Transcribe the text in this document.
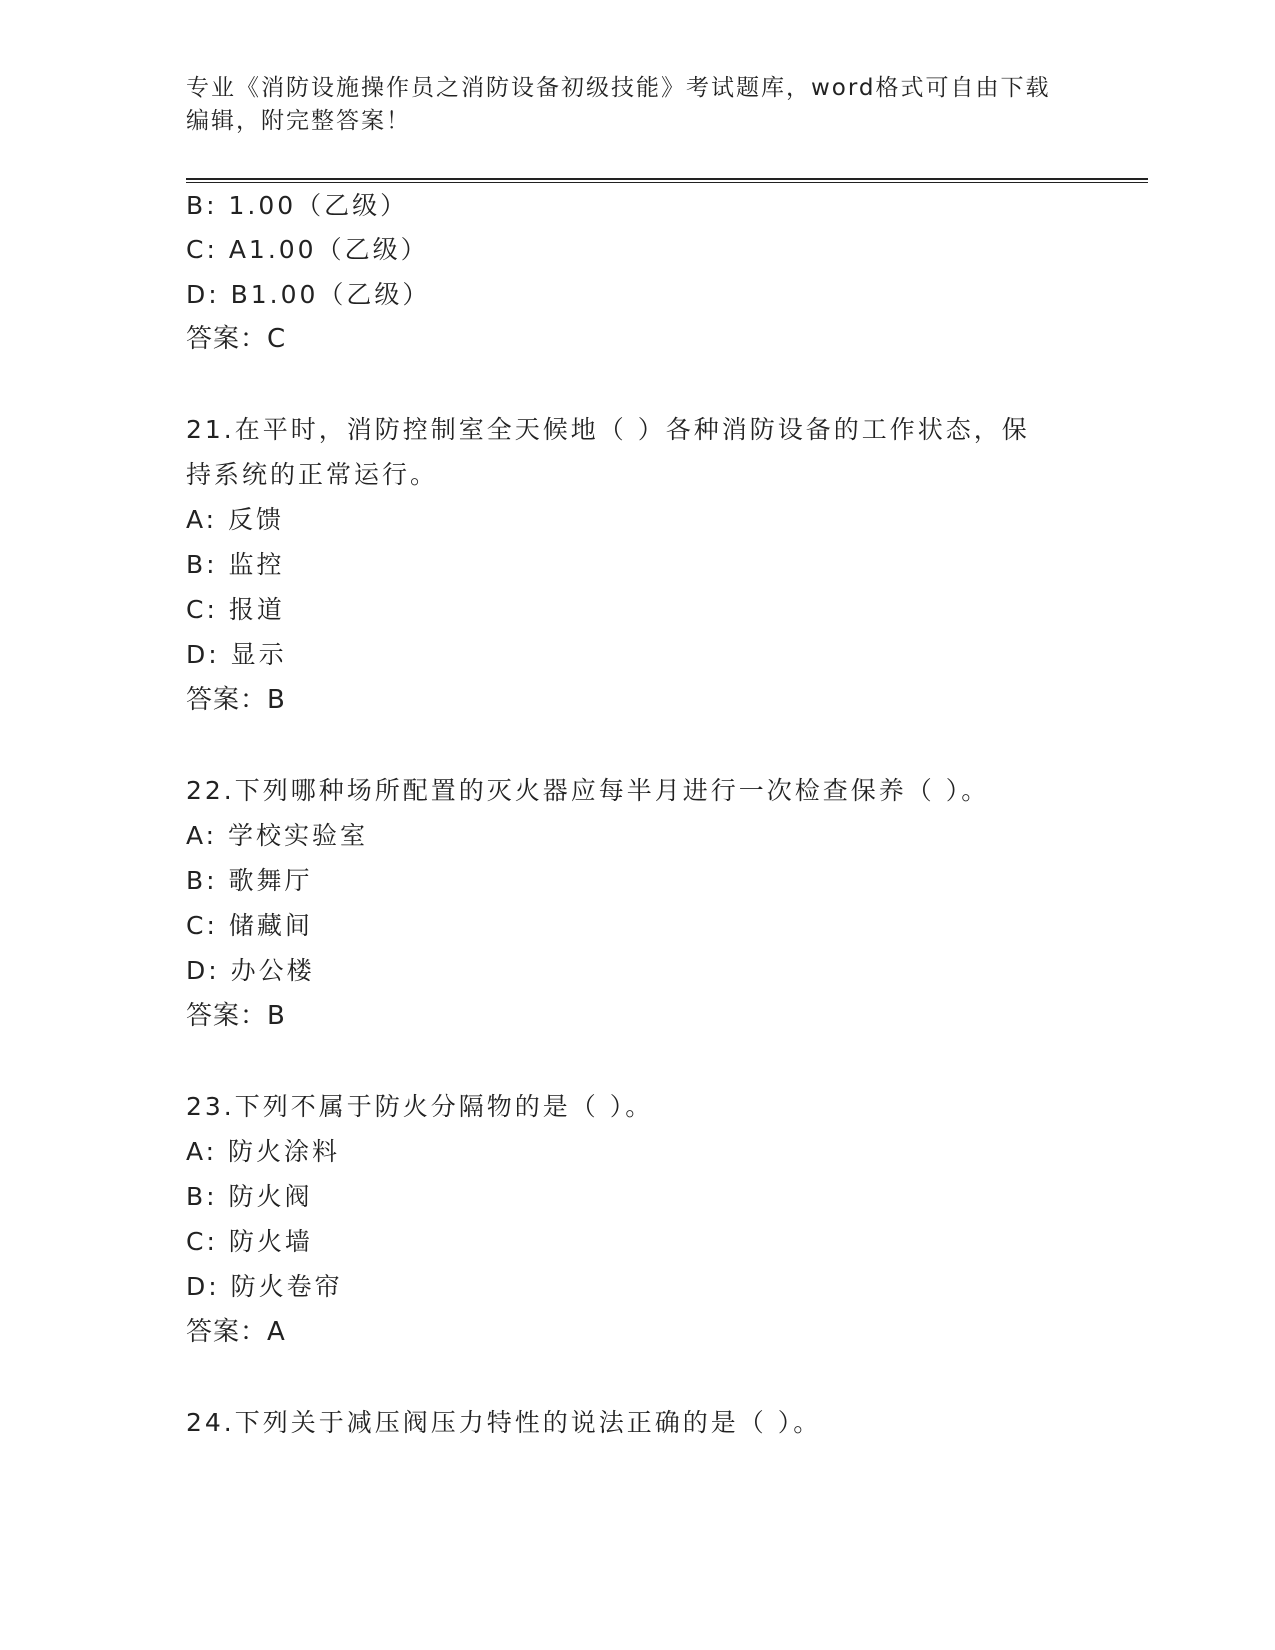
专业《消防设施操作员之消防设备初级技能》考试题库，word格式可自由下载编辑，附完整答案！
B: 1.00（乙级）
C: A1.00（乙级）
D: B1.00（乙级）
答案：C
21.在平时，消防控制室全天候地（ ）各种消防设备的工作状态，保
持系统的正常运行。
A: 反馈
B: 监控
C: 报道
D: 显示
答案：B
22.下列哪种场所配置的灭火器应每半月进行一次检查保养（ ）。
A: 学校实验室
B: 歌舞厅
C: 储藏间
D: 办公楼
答案：B
23.下列不属于防火分隔物的是（ ）。
A: 防火涂料
B: 防火阀
C: 防火墙
D: 防火卷帘
答案：A
24.下列关于减压阀压力特性的说法正确的是（ ）。
